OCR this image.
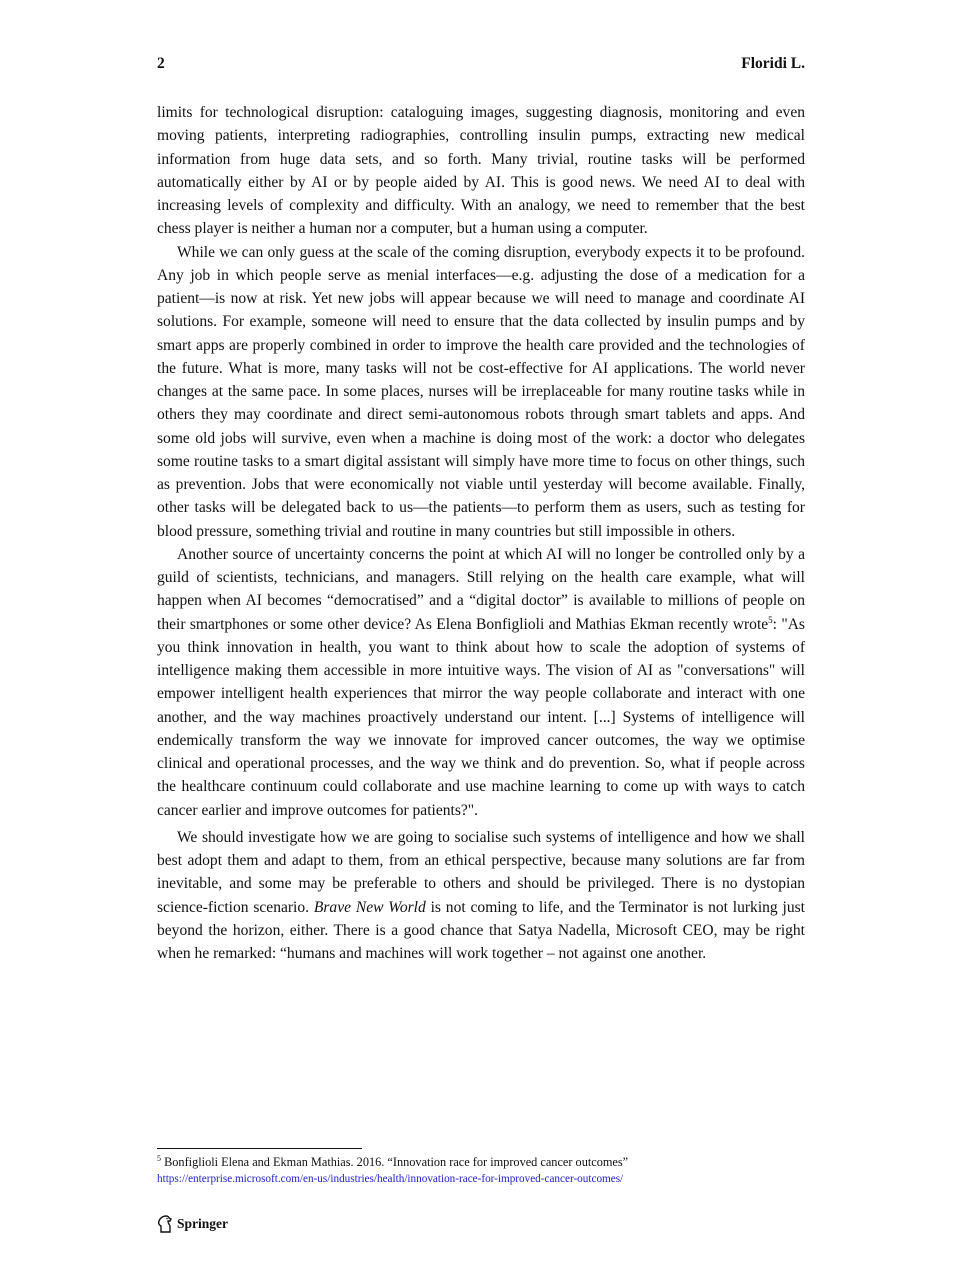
2	Floridi L.

limits for technological disruption: cataloguing images, suggesting diagnosis, monitoring and even moving patients, interpreting radiographies, controlling insulin pumps, extracting new medical information from huge data sets, and so forth. Many trivial, routine tasks will be performed automatically either by AI or by people aided by AI. This is good news. We need AI to deal with increasing levels of complexity and difficulty. With an analogy, we need to remember that the best chess player is neither a human nor a computer, but a human using a computer.

While we can only guess at the scale of the coming disruption, everybody expects it to be profound. Any job in which people serve as menial interfaces—e.g. adjusting the dose of a medication for a patient—is now at risk. Yet new jobs will appear because we will need to manage and coordinate AI solutions. For example, someone will need to ensure that the data collected by insulin pumps and by smart apps are properly combined in order to improve the health care provided and the technologies of the future. What is more, many tasks will not be cost-effective for AI applications. The world never changes at the same pace. In some places, nurses will be irreplaceable for many routine tasks while in others they may coordinate and direct semi-autonomous robots through smart tablets and apps. And some old jobs will survive, even when a machine is doing most of the work: a doctor who delegates some routine tasks to a smart digital assistant will simply have more time to focus on other things, such as prevention. Jobs that were economically not viable until yesterday will become available. Finally, other tasks will be delegated back to us—the patients—to perform them as users, such as testing for blood pressure, something trivial and routine in many countries but still impossible in others.

Another source of uncertainty concerns the point at which AI will no longer be controlled only by a guild of scientists, technicians, and managers. Still relying on the health care example, what will happen when AI becomes “democratised” and a “digital doctor” is available to millions of people on their smartphones or some other device? As Elena Bonfiglioli and Mathias Ekman recently wrote$^5$: "As you think innovation in health, you want to think about how to scale the adoption of systems of intelligence making them accessible in more intuitive ways. The vision of AI as "conversations" will empower intelligent health experiences that mirror the way people collaborate and interact with one another, and the way machines proactively understand our intent. [...] Systems of intelligence will endemically transform the way we innovate for improved cancer outcomes, the way we optimise clinical and operational processes, and the way we think and do prevention. So, what if people across the healthcare continuum could collaborate and use machine learning to come up with ways to catch cancer earlier and improve outcomes for patients?".

We should investigate how we are going to socialise such systems of intelligence and how we shall best adopt them and adapt to them, from an ethical perspective, because many solutions are far from inevitable, and some may be preferable to others and should be privileged. There is no dystopian science-fiction scenario. Brave New World is not coming to life, and the Terminator is not lurking just beyond the horizon, either. There is a good chance that Satya Nadella, Microsoft CEO, may be right when he remarked: “humans and machines will work together – not against one another.

$^5$ Bonfiglioli Elena and Ekman Mathias. 2016. “Innovation race for improved cancer outcomes”
https://enterprise.microsoft.com/en-us/industries/health/innovation-race-for-improved-cancer-outcomes/
Springer
